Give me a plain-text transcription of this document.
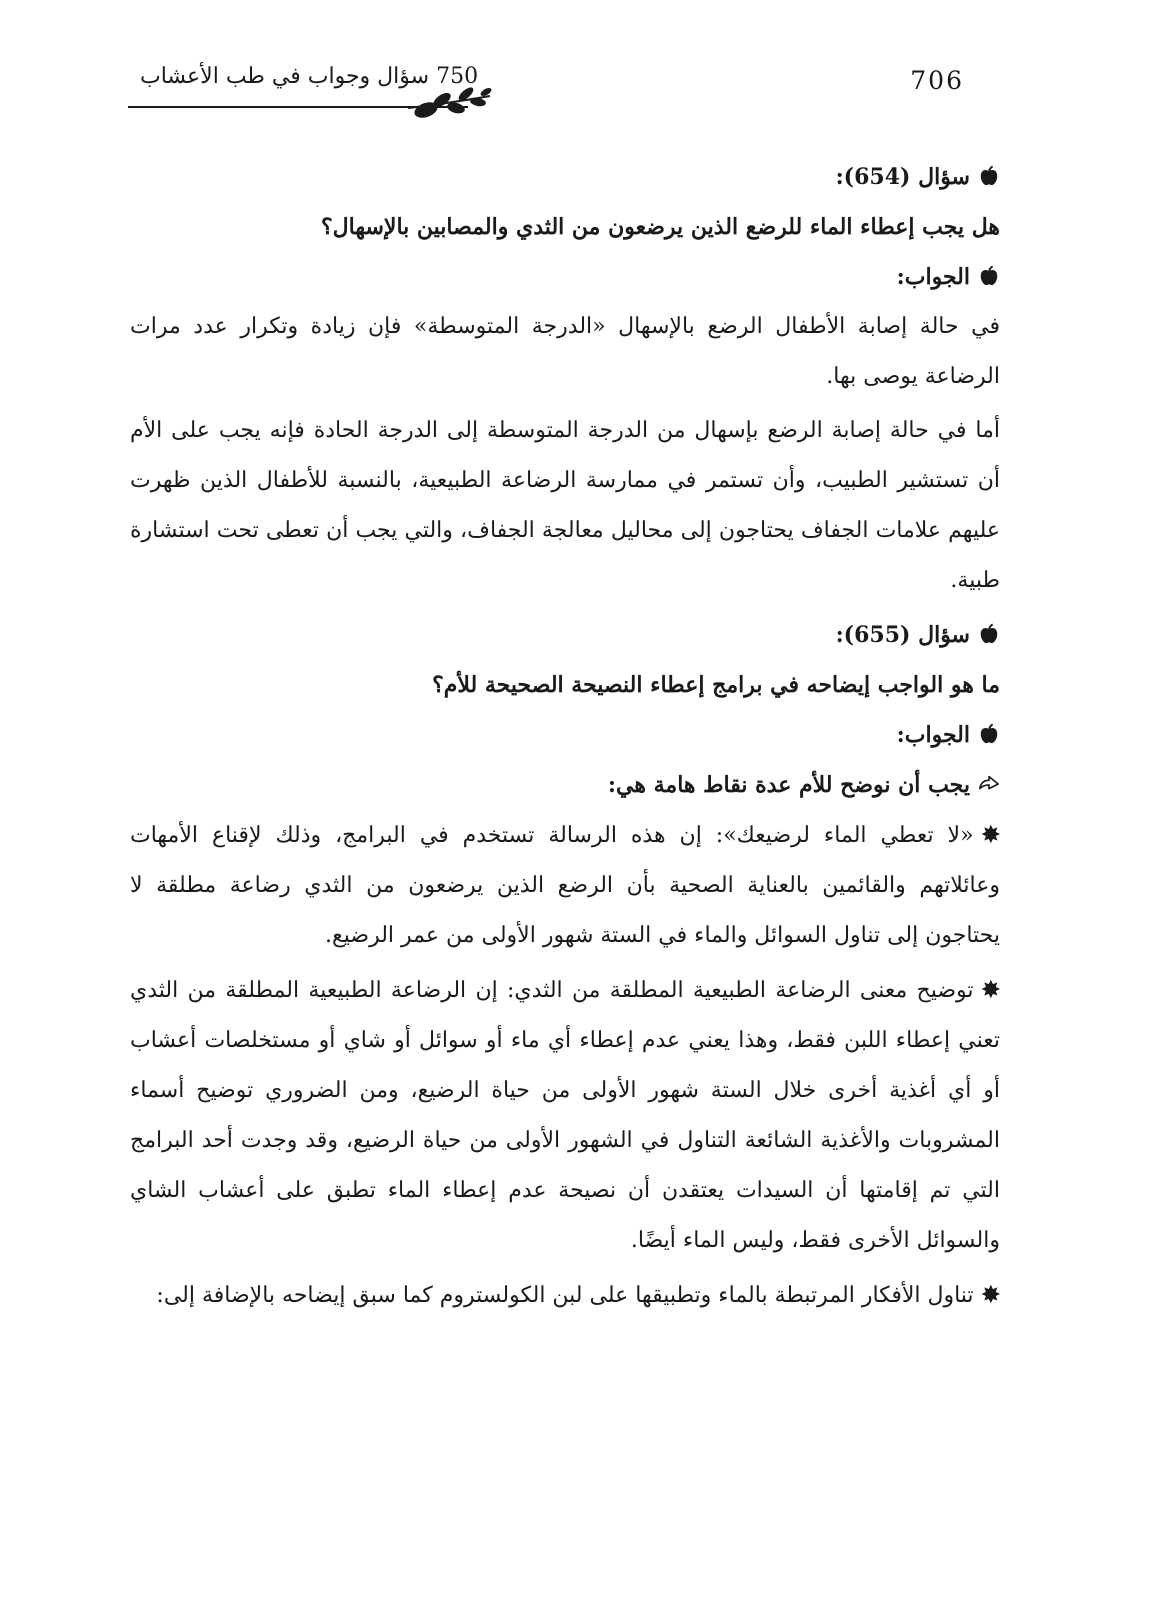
706
750 سؤال وجواب في طب الأعشاب

سؤال (654):

هل يجب إعطاء الماء للرضع الذين يرضعون من الثدي والمصابين بالإسهال؟

الجواب:

في حالة إصابة الأطفال الرضع بالإسهال «الدرجة المتوسطة» فإن زيادة وتكرار عدد مرات الرضاعة يوصى بها.

أما في حالة إصابة الرضع بإسهال من الدرجة المتوسطة إلى الدرجة الحادة فإنه يجب على الأم أن تستشير الطبيب، وأن تستمر في ممارسة الرضاعة الطبيعية، بالنسبة للأطفال الذين ظهرت عليهم علامات الجفاف يحتاجون إلى محاليل معالجة الجفاف، والتي يجب أن تعطى تحت استشارة طبية.

سؤال (655):

ما هو الواجب إيضاحه في برامج إعطاء النصيحة الصحيحة للأم؟

الجواب:

يجب أن نوضح للأم عدة نقاط هامة هي:

✸«لا تعطي الماء لرضيعك»: إن هذه الرسالة تستخدم في البرامج، وذلك لإقناع الأمهات وعائلاتهم والقائمين بالعناية الصحية بأن الرضع الذين يرضعون من الثدي رضاعة مطلقة لا يحتاجون إلى تناول السوائل والماء في الستة شهور الأولى من عمر الرضيع.

✸توضيح معنى الرضاعة الطبيعية المطلقة من الثدي: إن الرضاعة الطبيعية المطلقة من الثدي تعني إعطاء اللبن فقط، وهذا يعني عدم إعطاء أي ماء أو سوائل أو شاي أو مستخلصات أعشاب أو أي أغذية أخرى خلال الستة شهور الأولى من حياة الرضيع، ومن الضروري توضيح أسماء المشروبات والأغذية الشائعة التناول في الشهور الأولى من حياة الرضيع، وقد وجدت أحد البرامج التي تم إقامتها أن السيدات يعتقدن أن نصيحة عدم إعطاء الماء تطبق على أعشاب الشاي والسوائل الأخرى فقط، وليس الماء أيضًا.

✸تناول الأفكار المرتبطة بالماء وتطبيقها على لبن الكولستروم كما سبق إيضاحه بالإضافة إلى:
